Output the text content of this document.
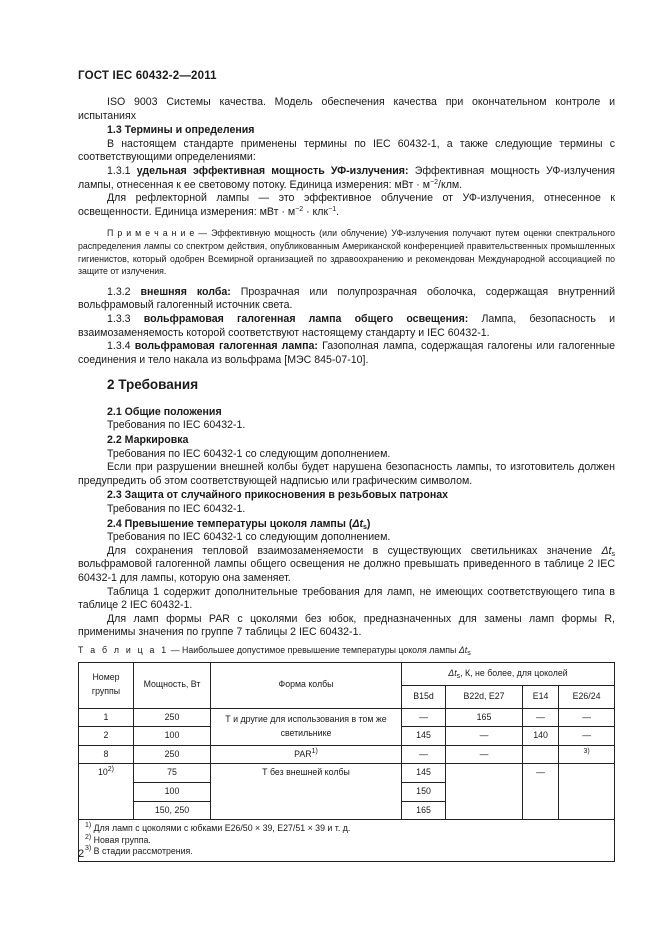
ГОСТ IEC 60432-2—2011

ISO 9003 Системы качества. Модель обеспечения качества при окончательном контроле и испытаниях

1.3 Термины и определения

В настоящем стандарте применены термины по IEC 60432-1, а также следующие термины с соответствующими определениями:

1.3.1 удельная эффективная мощность УФ-излучения: Эффективная мощность УФ-излучения лампы, отнесенная к ее световому потоку. Единица измерения: мВт · $м^{-2}$/клм.

Для рефлекторной лампы — это эффективное облучение от УФ-излучения, отнесенное к освещенности. Единица измерения: мВт · $м^{-2} \cdot клк^{-1}$.

П р и м е ч а н и е — Эффективную мощность (или облучение) УФ-излучения получают путем оценки спектрального распределения лампы со спектром действия, опубликованным Американской конференцией правительственных промышленных гигиенистов, который одобрен Всемирной организацией по здравоохранению и рекомендован Международной ассоциацией по защите от излучения.

1.3.2 внешняя колба: Прозрачная или полупрозрачная оболочка, содержащая внутренний вольфрамовый галогенный источник света.

1.3.3 вольфрамовая галогенная лампа общего освещения: Лампа, безопасность и взаимозаменяемость которой соответствуют настоящему стандарту и IEC 60432-1.

1.3.4 вольфрамовая галогенная лампа: Газополная лампа, содержащая галогены или галогенные соединения и тело накала из вольфрама [МЭС 845-07-10].

2 Требования

2.1 Общие положения

Требования по IEC 60432-1.

2.2 Маркировка

Требования по IEC 60432-1 со следующим дополнением.

Если при разрушении внешней колбы будет нарушена безопасность лампы, то изготовитель должен предупредить об этом соответствующей надписью или графическим символом.

2.3 Защита от случайного прикосновения в резьбовых патронах

Требования по IEC 60432-1.

2.4 Превышение температуры цоколя лампы $(\Delta t_s)$

Требования по IEC 60432-1 со следующим дополнением.

Для сохранения тепловой взаимозаменяемости в существующих светильниках значение $\Delta t_s$ вольфрамовой галогенной лампы общего освещения не должно превышать приведенного в таблице 2 IEC 60432-1 для лампы, которую она заменяет.

Таблица 1 содержит дополнительные требования для ламп, не имеющих соответствующего типа в таблице 2 IEC 60432-1.

Для ламп формы PAR с цоколями без юбок, предназначенных для замены ламп формы R, применимы значения по группе 7 таблицы 2 IEC 60432-1.

Т а б л и ц а 1 — Наибольшее допустимое превышение температуры цоколя лампы $\Delta t_s$

Номер группы	Мощность, Вт	Форма колбы	$\Delta t_s$, К, не более, для цоколей			
			B15d	B22d, E27	E14	E26/24
1	250	Т и другие для использования в том же светильнике	—	165	—	—
2	100		145	—	140	—
8	250	PAR$^{1)}$	—	—		$^{3)}$
10$^{2)}$	75	Т без внешней колбы	145		—	
	100		150			
	150, 250		165			

$^{1)}$ Для ламп с цоколями с юбками E26/50 × 39, E27/51 × 39 и т. д.
$^{2)}$ Новая группа.
$^{3)}$ В стадии рассмотрения.						
2
